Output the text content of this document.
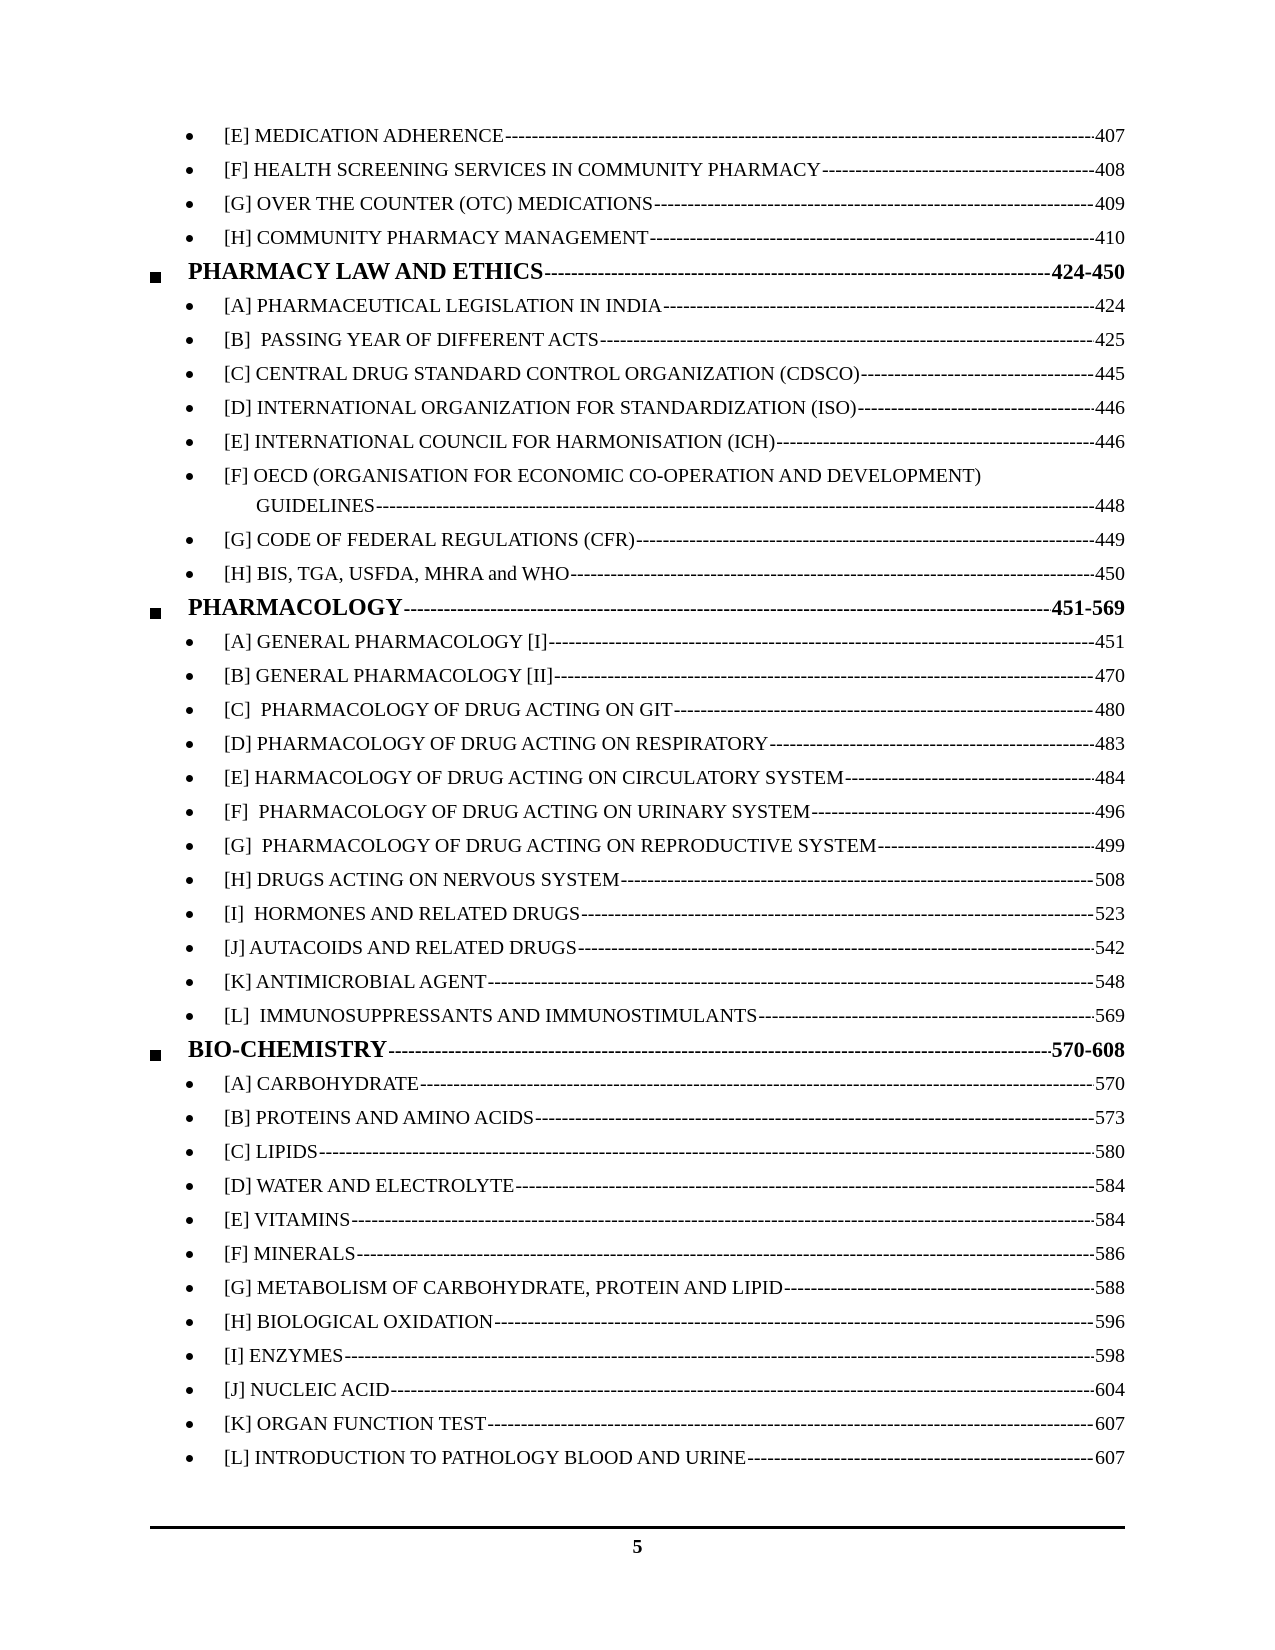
[E] MEDICATION ADHERENCE -----	407
[F] HEALTH SCREENING SERVICES IN COMMUNITY PHARMACY -----	408
[G] OVER THE COUNTER (OTC) MEDICATIONS -----	409
[H] COMMUNITY PHARMACY MANAGEMENT -----	410
PHARMACY LAW AND ETHICS -----	424-450
[A] PHARMACEUTICAL LEGISLATION IN INDIA -----	424
[B]  PASSING YEAR OF DIFFERENT ACTS -----	425
[C] CENTRAL DRUG STANDARD CONTROL ORGANIZATION (CDSCO) -----	445
[D] INTERNATIONAL ORGANIZATION FOR STANDARDIZATION (ISO) -----	446
[E] INTERNATIONAL COUNCIL FOR HARMONISATION (ICH) -----	446
[F] OECD (ORGANISATION FOR ECONOMIC CO-OPERATION AND DEVELOPMENT)
GUIDELINES -----	448
[G] CODE OF FEDERAL REGULATIONS (CFR) -----	449
[H] BIS, TGA, USFDA, MHRA and WHO -----	450
PHARMACOLOGY -----	451-569
[A] GENERAL PHARMACOLOGY [I] -----	451
[B] GENERAL PHARMACOLOGY [II] -----	470
[C]  PHARMACOLOGY OF DRUG ACTING ON GIT -----	480
[D] PHARMACOLOGY OF DRUG ACTING ON RESPIRATORY -----	483
[E] HARMACOLOGY OF DRUG ACTING ON CIRCULATORY SYSTEM -----	484
[F]  PHARMACOLOGY OF DRUG ACTING ON URINARY SYSTEM -----	496
[G]  PHARMACOLOGY OF DRUG ACTING ON REPRODUCTIVE SYSTEM -----	499
[H] DRUGS ACTING ON NERVOUS SYSTEM -----	508
[I]  HORMONES AND RELATED DRUGS -----	523
[J] AUTACOIDS AND RELATED DRUGS -----	542
[K] ANTIMICROBIAL AGENT -----	548
[L]  IMMUNOSUPPRESSANTS AND IMMUNOSTIMULANTS -----	569
BIO-CHEMISTRY -----	570-608
[A] CARBOHYDRATE -----	570
[B] PROTEINS AND AMINO ACIDS -----	573
[C] LIPIDS -----	580
[D] WATER AND ELECTROLYTE -----	584
[E] VITAMINS -----	584
[F] MINERALS -----	586
[G] METABOLISM OF CARBOHYDRATE, PROTEIN AND LIPID -----	588
[H] BIOLOGICAL OXIDATION -----	596
[I] ENZYMES -----	598
[J] NUCLEIC ACID -----	604
[K] ORGAN FUNCTION TEST -----	607
[L] INTRODUCTION TO PATHOLOGY BLOOD AND URINE -----	607
5
